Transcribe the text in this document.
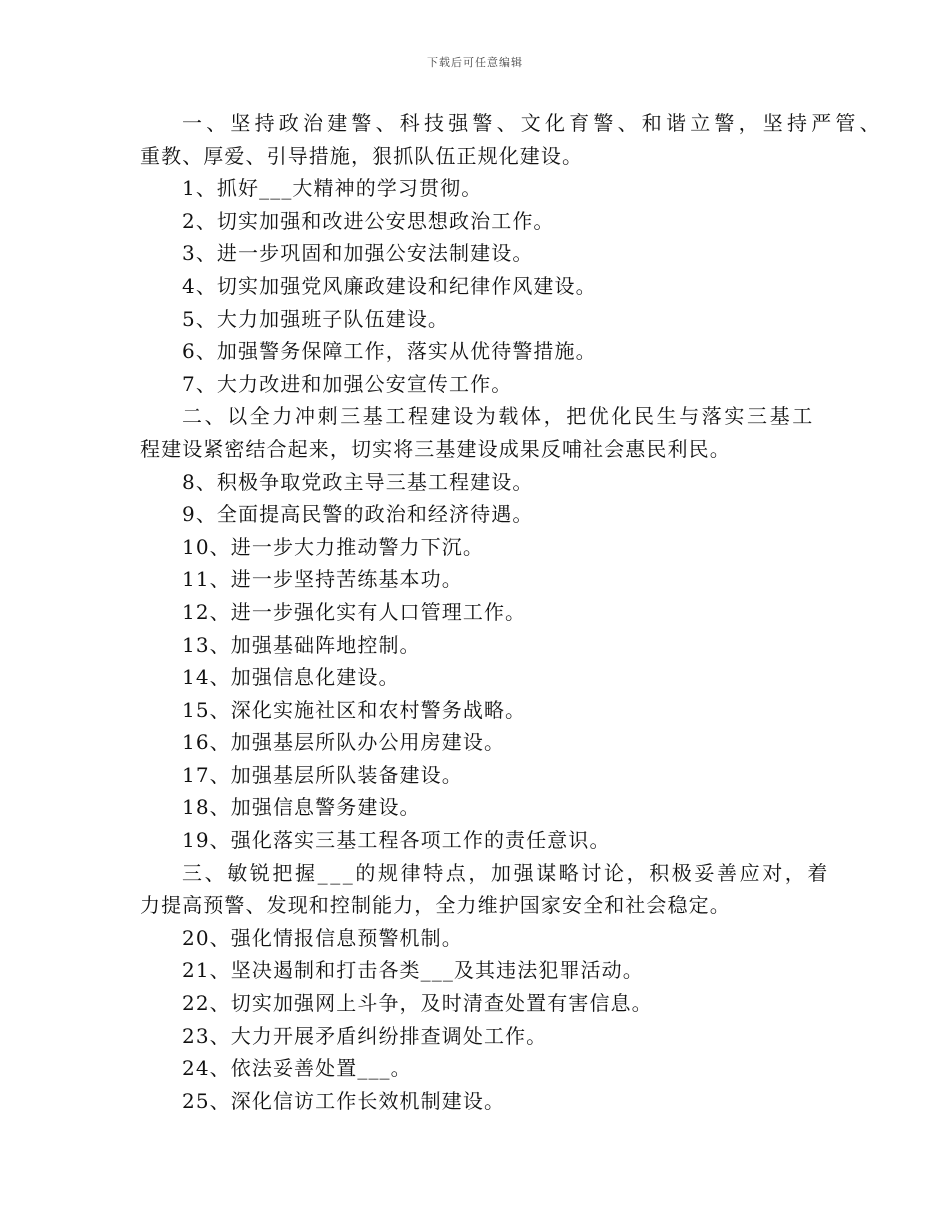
下载后可任意编辑
一、坚持政治建警、科技强警、文化育警、和谐立警，坚持严管、
重教、厚爱、引导措施，狠抓队伍正规化建设。
1、抓好___大精神的学习贯彻。
2、切实加强和改进公安思想政治工作。
3、进一步巩固和加强公安法制建设。
4、切实加强党风廉政建设和纪律作风建设。
5、大力加强班子队伍建设。
6、加强警务保障工作，落实从优待警措施。
7、大力改进和加强公安宣传工作。
二、以全力冲刺三基工程建设为载体，把优化民生与落实三基工
程建设紧密结合起来，切实将三基建设成果反哺社会惠民利民。
8、积极争取党政主导三基工程建设。
9、全面提高民警的政治和经济待遇。
10、进一步大力推动警力下沉。
11、进一步坚持苦练基本功。
12、进一步强化实有人口管理工作。
13、加强基础阵地控制。
14、加强信息化建设。
15、深化实施社区和农村警务战略。
16、加强基层所队办公用房建设。
17、加强基层所队装备建设。
18、加强信息警务建设。
19、强化落实三基工程各项工作的责任意识。
三、敏锐把握___的规律特点，加强谋略讨论，积极妥善应对，着
力提高预警、发现和控制能力，全力维护国家安全和社会稳定。
20、强化情报信息预警机制。
21、坚决遏制和打击各类___及其违法犯罪活动。
22、切实加强网上斗争，及时清查处置有害信息。
23、大力开展矛盾纠纷排查调处工作。
24、依法妥善处置___。
25、深化信访工作长效机制建设。
